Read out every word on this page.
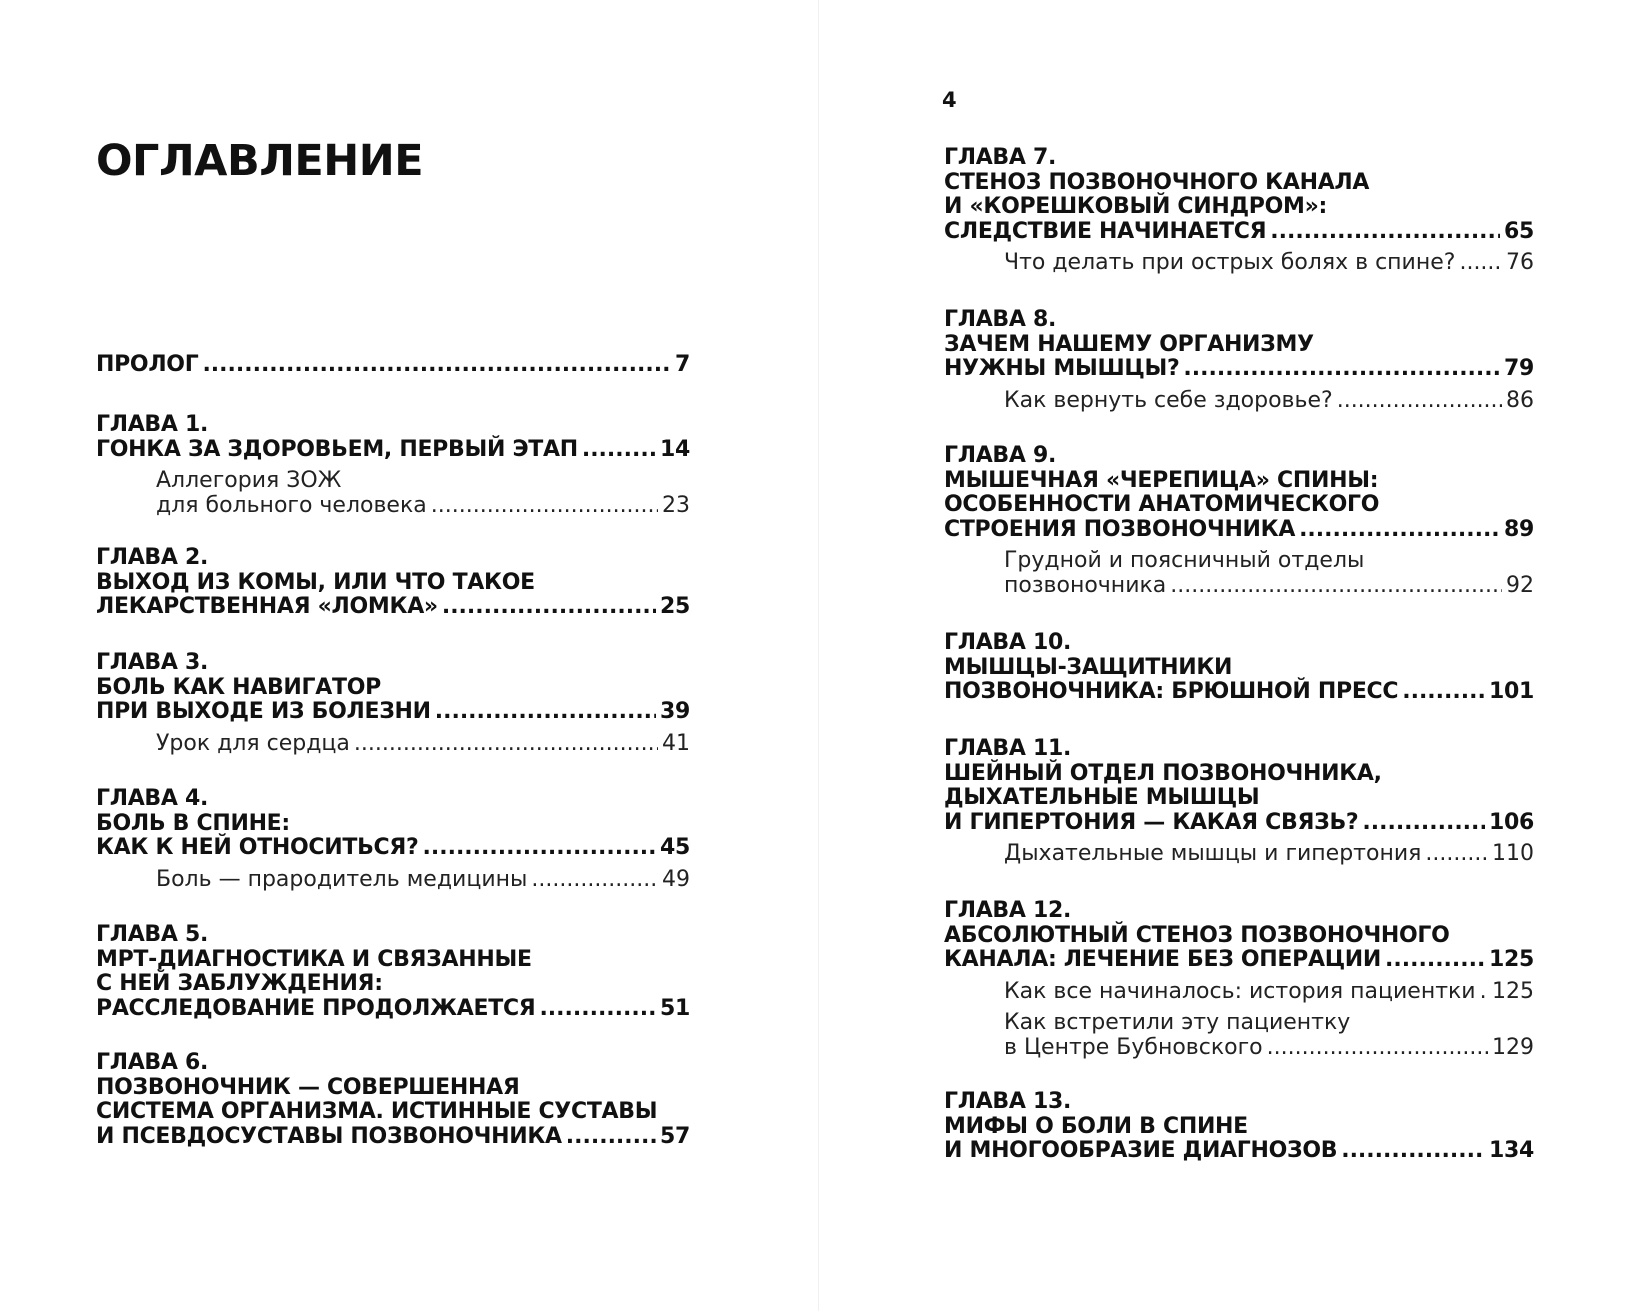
ОГЛАВЛЕНИЕ
ПРОЛОГ .....	7
ГЛАВА 1.
ГОНКА ЗА ЗДОРОВЬЕМ, ПЕРВЫЙ ЭТАП .....	14
Аллегория ЗОЖ
для больного человека .....	23
ГЛАВА 2.
ВЫХОД ИЗ КОМЫ, ИЛИ ЧТО ТАКОЕ
ЛЕКАРСТВЕННАЯ «ЛОМКА» .....	25
ГЛАВА 3.
БОЛЬ КАК НАВИГАТОР
ПРИ ВЫХОДЕ ИЗ БОЛЕЗНИ .....	39
Урок для сердца .....	41
ГЛАВА 4.
БОЛЬ В СПИНЕ:
КАК К НЕЙ ОТНОСИТЬСЯ? .....	45
Боль — прародитель медицины .....	49
ГЛАВА 5.
МРТ-ДИАГНОСТИКА И СВЯЗАННЫЕ
С НЕЙ ЗАБЛУЖДЕНИЯ:
РАССЛЕДОВАНИЕ ПРОДОЛЖАЕТСЯ .....	51
ГЛАВА 6.
ПОЗВОНОЧНИК — СОВЕРШЕННАЯ
СИСТЕМА ОРГАНИЗМА. ИСТИННЫЕ СУСТАВЫ
И ПСЕВДОСУСТАВЫ ПОЗВОНОЧНИКА .....	57
4
ГЛАВА 7.
СТЕНОЗ ПОЗВОНОЧНОГО КАНАЛА
И «КОРЕШКОВЫЙ СИНДРОМ»:
СЛЕДСТВИЕ НАЧИНАЕТСЯ .....	65
Что делать при острых болях в спине? ..... 76
ГЛАВА 8.
ЗАЧЕМ НАШЕМУ ОРГАНИЗМУ
НУЖНЫ МЫШЦЫ? .....	79
Как вернуть себе здоровье? .....	86
ГЛАВА 9.
МЫШЕЧНАЯ «ЧЕРЕПИЦА» СПИНЫ:
ОСОБЕННОСТИ АНАТОМИЧЕСКОГО
СТРОЕНИЯ ПОЗВОНОЧНИКА .....	89
Грудной и поясничный отделы
позвоночника .....	92
ГЛАВА 10.
МЫШЦЫ-ЗАЩИТНИКИ
ПОЗВОНОЧНИКА: БРЮШНОЙ ПРЕСС .....	101
ГЛАВА 11.
ШЕЙНЫЙ ОТДЕЛ ПОЗВОНОЧНИКА,
ДЫХАТЕЛЬНЫЕ МЫШЦЫ
И ГИПЕРТОНИЯ — КАКАЯ СВЯЗЬ? .....	106
Дыхательные мышцы и гипертония .....	110
ГЛАВА 12.
АБСОЛЮТНЫЙ СТЕНОЗ ПОЗВОНОЧНОГО
КАНАЛА: ЛЕЧЕНИЕ БЕЗ ОПЕРАЦИИ .....	125
Как все начиналось: история пациентки ..... 125
Как встретили эту пациентку
в Центре Бубновского .....	129
ГЛАВА 13.
МИФЫ О БОЛИ В СПИНЕ
И МНОГООБРАЗИЕ ДИАГНОЗОВ .....	134
